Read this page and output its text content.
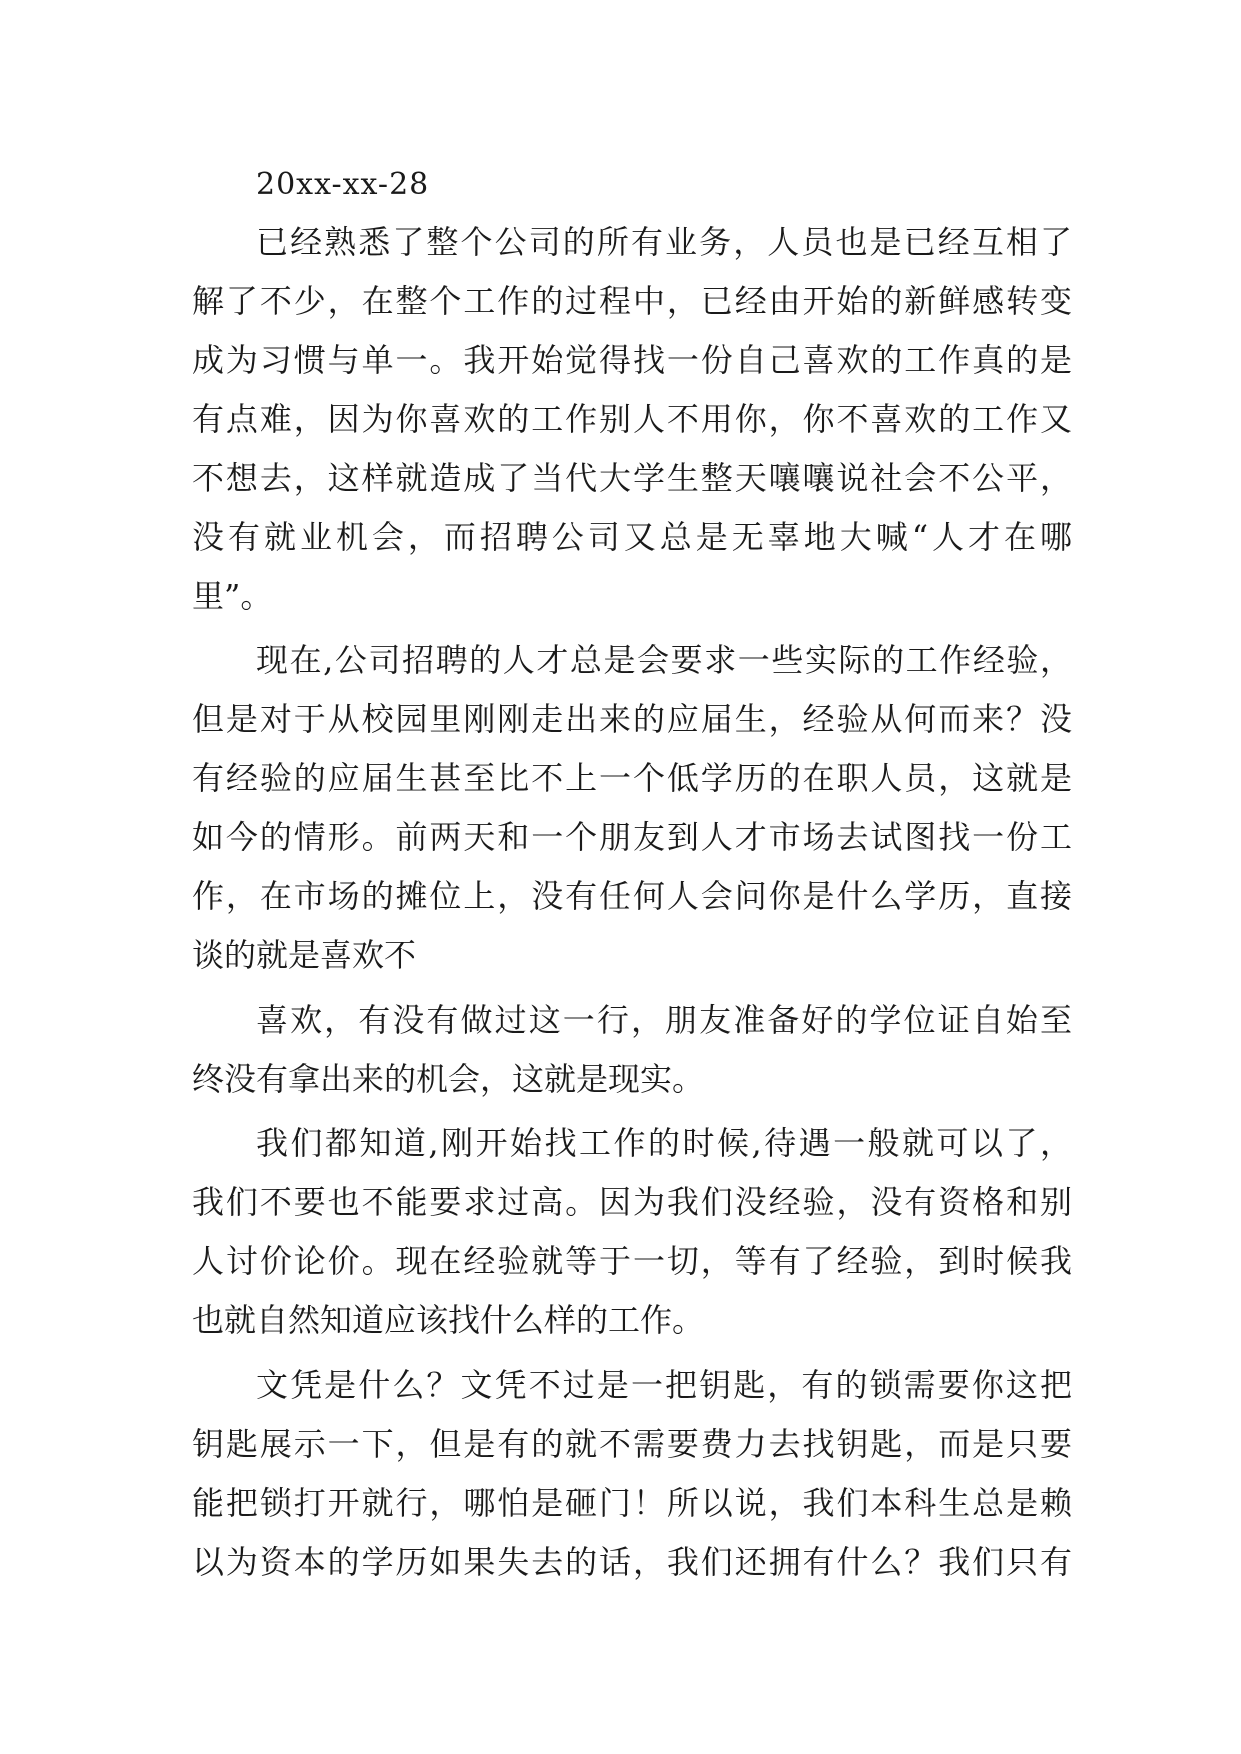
20xx-xx-28
已经熟悉了整个公司的所有业务，人员也是已经互相了
解了不少，在整个工作的过程中，已经由开始的新鲜感转变
成为习惯与单一。我开始觉得找一份自己喜欢的工作真的是
有点难，因为你喜欢的工作别人不用你，你不喜欢的工作又
不想去，这样就造成了当代大学生整天嚷嚷说社会不公平，
没有就业机会，而招聘公司又总是无辜地大喊“人才在哪
里”。
现在,公司招聘的人才总是会要求一些实际的工作经验，
但是对于从校园里刚刚走出来的应届生，经验从何而来？没
有经验的应届生甚至比不上一个低学历的在职人员，这就是
如今的情形。前两天和一个朋友到人才市场去试图找一份工
作，在市场的摊位上，没有任何人会问你是什么学历，直接
谈的就是喜欢不
喜欢，有没有做过这一行，朋友准备好的学位证自始至
终没有拿出来的机会，这就是现实。
我们都知道,刚开始找工作的时候,待遇一般就可以了，
我们不要也不能要求过高。因为我们没经验，没有资格和别
人讨价论价。现在经验就等于一切，等有了经验，到时候我
也就自然知道应该找什么样的工作。
文凭是什么？文凭不过是一把钥匙，有的锁需要你这把
钥匙展示一下，但是有的就不需要费力去找钥匙，而是只要
能把锁打开就行，哪怕是砸门！所以说，我们本科生总是赖
以为资本的学历如果失去的话，我们还拥有什么？我们只有
